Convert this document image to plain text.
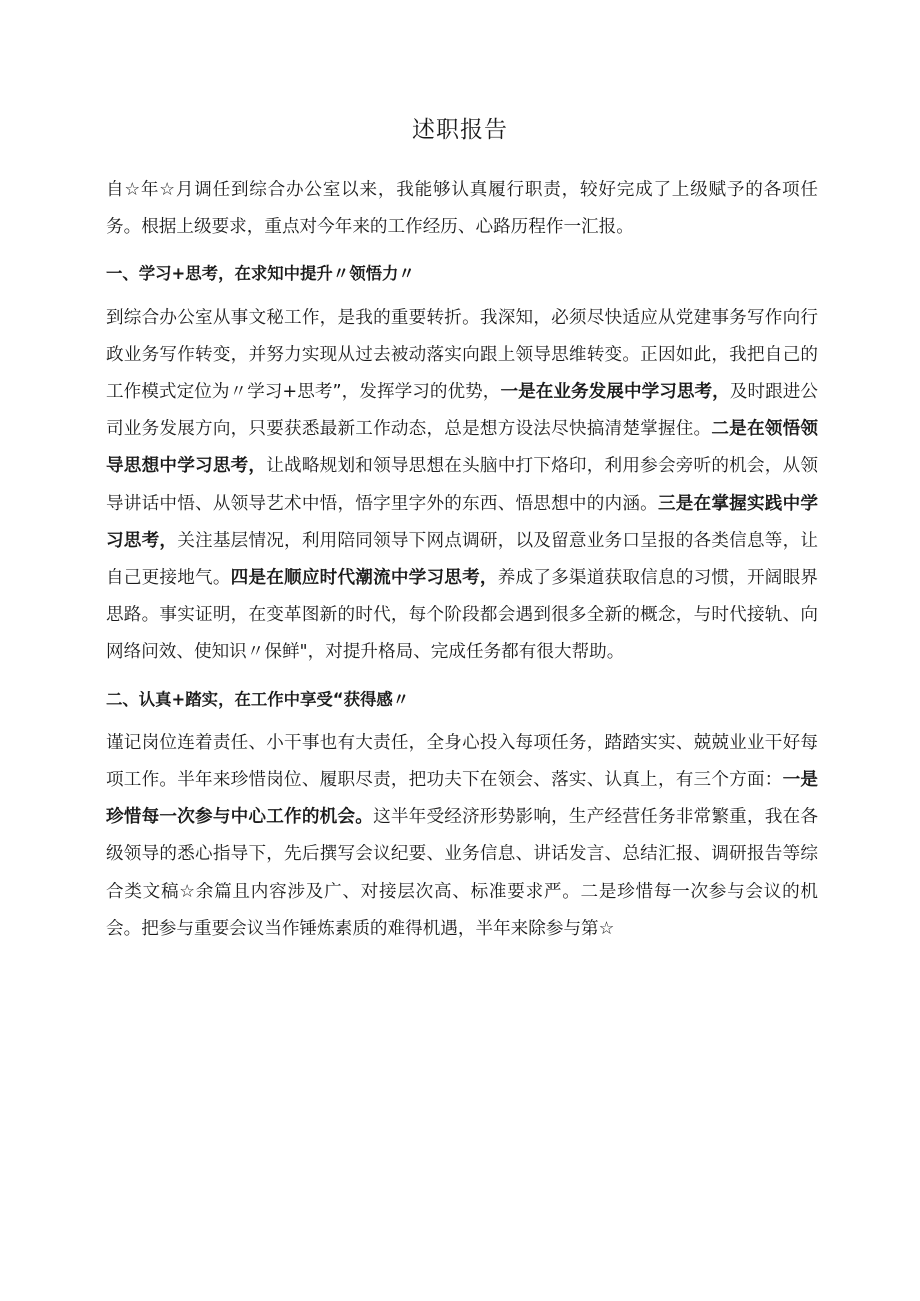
述职报告

自☆年☆月调任到综合办公室以来，我能够认真履行职责，较好完成了上级赋予的各项任务。根据上级要求，重点对今年来的工作经历、心路历程作一汇报。

一、学习+思考，在求知中提升〃领悟力〃

到综合办公室从事文秘工作，是我的重要转折。我深知，必须尽快适应从党建事务写作向行政业务写作转变，并努力实现从过去被动落实向跟上领导思维转变。正因如此，我把自己的工作模式定位为〃学习+思考”，发挥学习的优势，一是在业务发展中学习思考，及时跟进公司业务发展方向，只要获悉最新工作动态，总是想方设法尽快搞清楚掌握住。二是在领悟领导思想中学习思考，让战略规划和领导思想在头脑中打下烙印，利用参会旁听的机会，从领导讲话中悟、从领导艺术中悟，悟字里字外的东西、悟思想中的内涵。三是在掌握实践中学习思考，关注基层情况，利用陪同领导下网点调研，以及留意业务口呈报的各类信息等，让自己更接地气。四是在顺应时代潮流中学习思考，养成了多渠道获取信息的习惯，开阔眼界思路。事实证明，在变革图新的时代，每个阶段都会遇到很多全新的概念，与时代接轨、向网络问效、使知识〃保鲜"，对提升格局、完成任务都有很大帮助。

二、认真+踏实，在工作中享受“获得感〃

谨记岗位连着责任、小干事也有大责任，全身心投入每项任务，踏踏实实、兢兢业业干好每项工作。半年来珍惜岗位、履职尽责，把功夫下在领会、落实、认真上，有三个方面：一是珍惜每一次参与中心工作的机会。这半年受经济形势影响，生产经营任务非常繁重，我在各级领导的悉心指导下，先后撰写会议纪要、业务信息、讲话发言、总结汇报、调研报告等综合类文稿☆余篇且内容涉及广、对接层次高、标准要求严。二是珍惜每一次参与会议的机会。把参与重要会议当作锤炼素质的难得机遇，半年来除参与第☆
